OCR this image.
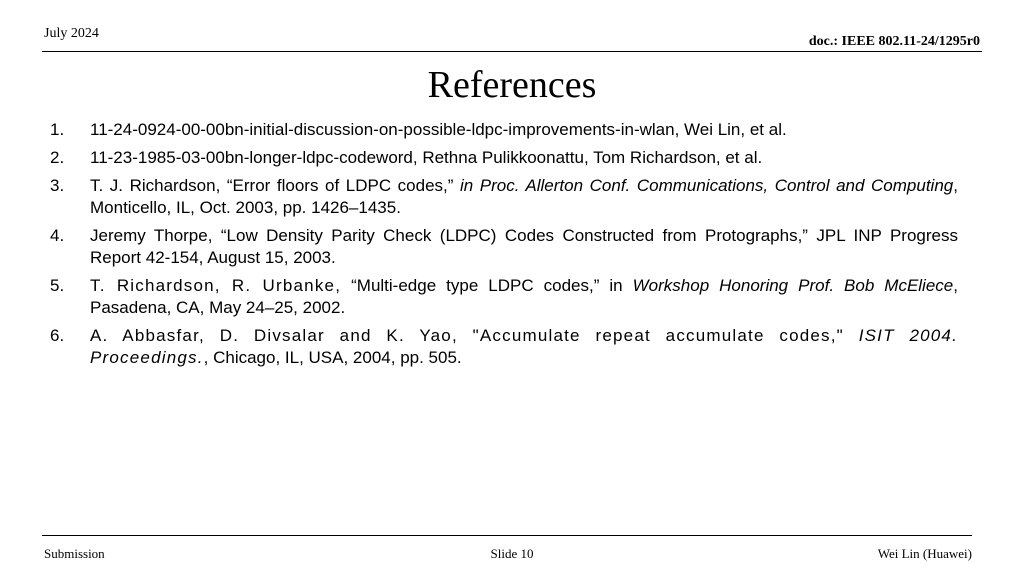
July 2024
doc.: IEEE 802.11-24/1295r0
References
1. 11-24-0924-00-00bn-initial-discussion-on-possible-ldpc-improvements-in-wlan, Wei Lin, et al.
2. 11-23-1985-03-00bn-longer-ldpc-codeword, Rethna Pulikkoonattu, Tom Richardson, et al.
3. T. J. Richardson, “Error floors of LDPC codes,” in Proc. Allerton Conf. Communications, Control and Computing, Monticello, IL, Oct. 2003, pp. 1426–1435.
4. Jeremy Thorpe, “Low Density Parity Check (LDPC) Codes Constructed from Protographs,” JPL INP Progress Report 42-154, August 15, 2003.
5. T. Richardson, R. Urbanke, “Multi-edge type LDPC codes,” in Workshop Honoring Prof. Bob McEliece, Pasadena, CA, May 24–25, 2002.
6. A. Abbasfar, D. Divsalar and K. Yao, "Accumulate repeat accumulate codes," ISIT 2004. Proceedings., Chicago, IL, USA, 2004, pp. 505.
Submission	Slide 10	Wei Lin (Huawei)
